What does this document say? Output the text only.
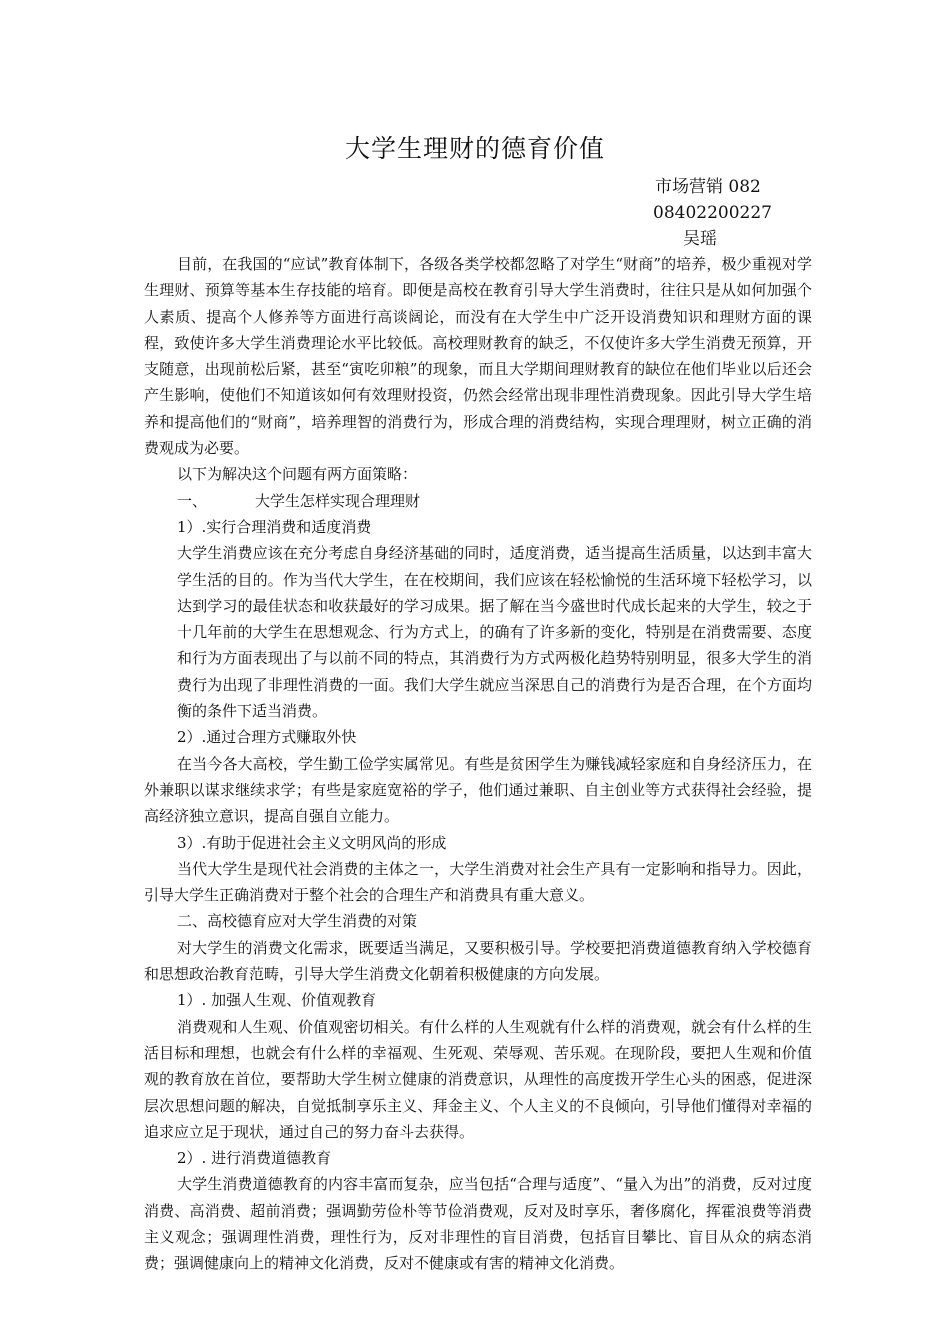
大学生理财的德育价值
市场营销 082
08402200227
吴瑶

目前，在我国的“应试”教育体制下，各级各类学校都忽略了对学生“财商”的培养，极少重视对学生理财、预算等基本生存技能的培育。即便是高校在教育引导大学生消费时，往往只是从如何加强个人素质、提高个人修养等方面进行高谈阔论，而没有在大学生中广泛开设消费知识和理财方面的课程，致使许多大学生消费理论水平比较低。高校理财教育的缺乏，不仅使许多大学生消费无预算，开支随意，出现前松后紧，甚至“寅吃卯粮”的现象，而且大学期间理财教育的缺位在他们毕业以后还会产生影响，使他们不知道该如何有效理财投资，仍然会经常出现非理性消费现象。因此引导大学生培养和提高他们的“财商”，培养理智的消费行为，形成合理的消费结构，实现合理理财，树立正确的消费观成为必要。

以下为解决这个问题有两方面策略：

一、	大学生怎样实现合理理财

1）.实行合理消费和适度消费

大学生消费应该在充分考虑自身经济基础的同时，适度消费，适当提高生活质量，以达到丰富大学生活的目的。作为当代大学生，在在校期间，我们应该在轻松愉悦的生活环境下轻松学习，以达到学习的最佳状态和收获最好的学习成果。据了解在当今盛世时代成长起来的大学生，较之于十几年前的大学生在思想观念、行为方式上，的确有了许多新的变化，特别是在消费需要、态度和行为方面表现出了与以前不同的特点，其消费行为方式两极化趋势特别明显，很多大学生的消费行为出现了非理性消费的一面。我们大学生就应当深思自己的消费行为是否合理，在个方面均衡的条件下适当消费。

2）.通过合理方式赚取外快

在当今各大高校，学生勤工俭学实属常见。有些是贫困学生为赚钱减轻家庭和自身经济压力，在外兼职以谋求继续求学；有些是家庭宽裕的学子，他们通过兼职、自主创业等方式获得社会经验，提高经济独立意识，提高自强自立能力。

3）.有助于促进社会主义文明风尚的形成

当代大学生是现代社会消费的主体之一，大学生消费对社会生产具有一定影响和指导力。因此，引导大学生正确消费对于整个社会的合理生产和消费具有重大意义。

二、高校德育应对大学生消费的对策

对大学生的消费文化需求，既要适当满足，又要积极引导。学校要把消费道德教育纳入学校德育和思想政治教育范畴，引导大学生消费文化朝着积极健康的方向发展。

1）. 加强人生观、价值观教育

消费观和人生观、价值观密切相关。有什么样的人生观就有什么样的消费观，就会有什么样的生活目标和理想，也就会有什么样的幸福观、生死观、荣辱观、苦乐观。在现阶段，要把人生观和价值观的教育放在首位，要帮助大学生树立健康的消费意识，从理性的高度拨开学生心头的困惑，促进深层次思想问题的解决，自觉抵制享乐主义、拜金主义、个人主义的不良倾向，引导他们懂得对幸福的追求应立足于现状，通过自己的努力奋斗去获得。

2）. 进行消费道德教育

大学生消费道德教育的内容丰富而复杂，应当包括“合理与适度”、“量入为出”的消费，反对过度消费、高消费、超前消费；强调勤劳俭朴等节俭消费观，反对及时享乐，奢侈腐化，挥霍浪费等消费主义观念；强调理性消费，理性行为，反对非理性的盲目消费，包括盲目攀比、盲目从众的病态消费；强调健康向上的精神文化消费，反对不健康或有害的精神文化消费。
